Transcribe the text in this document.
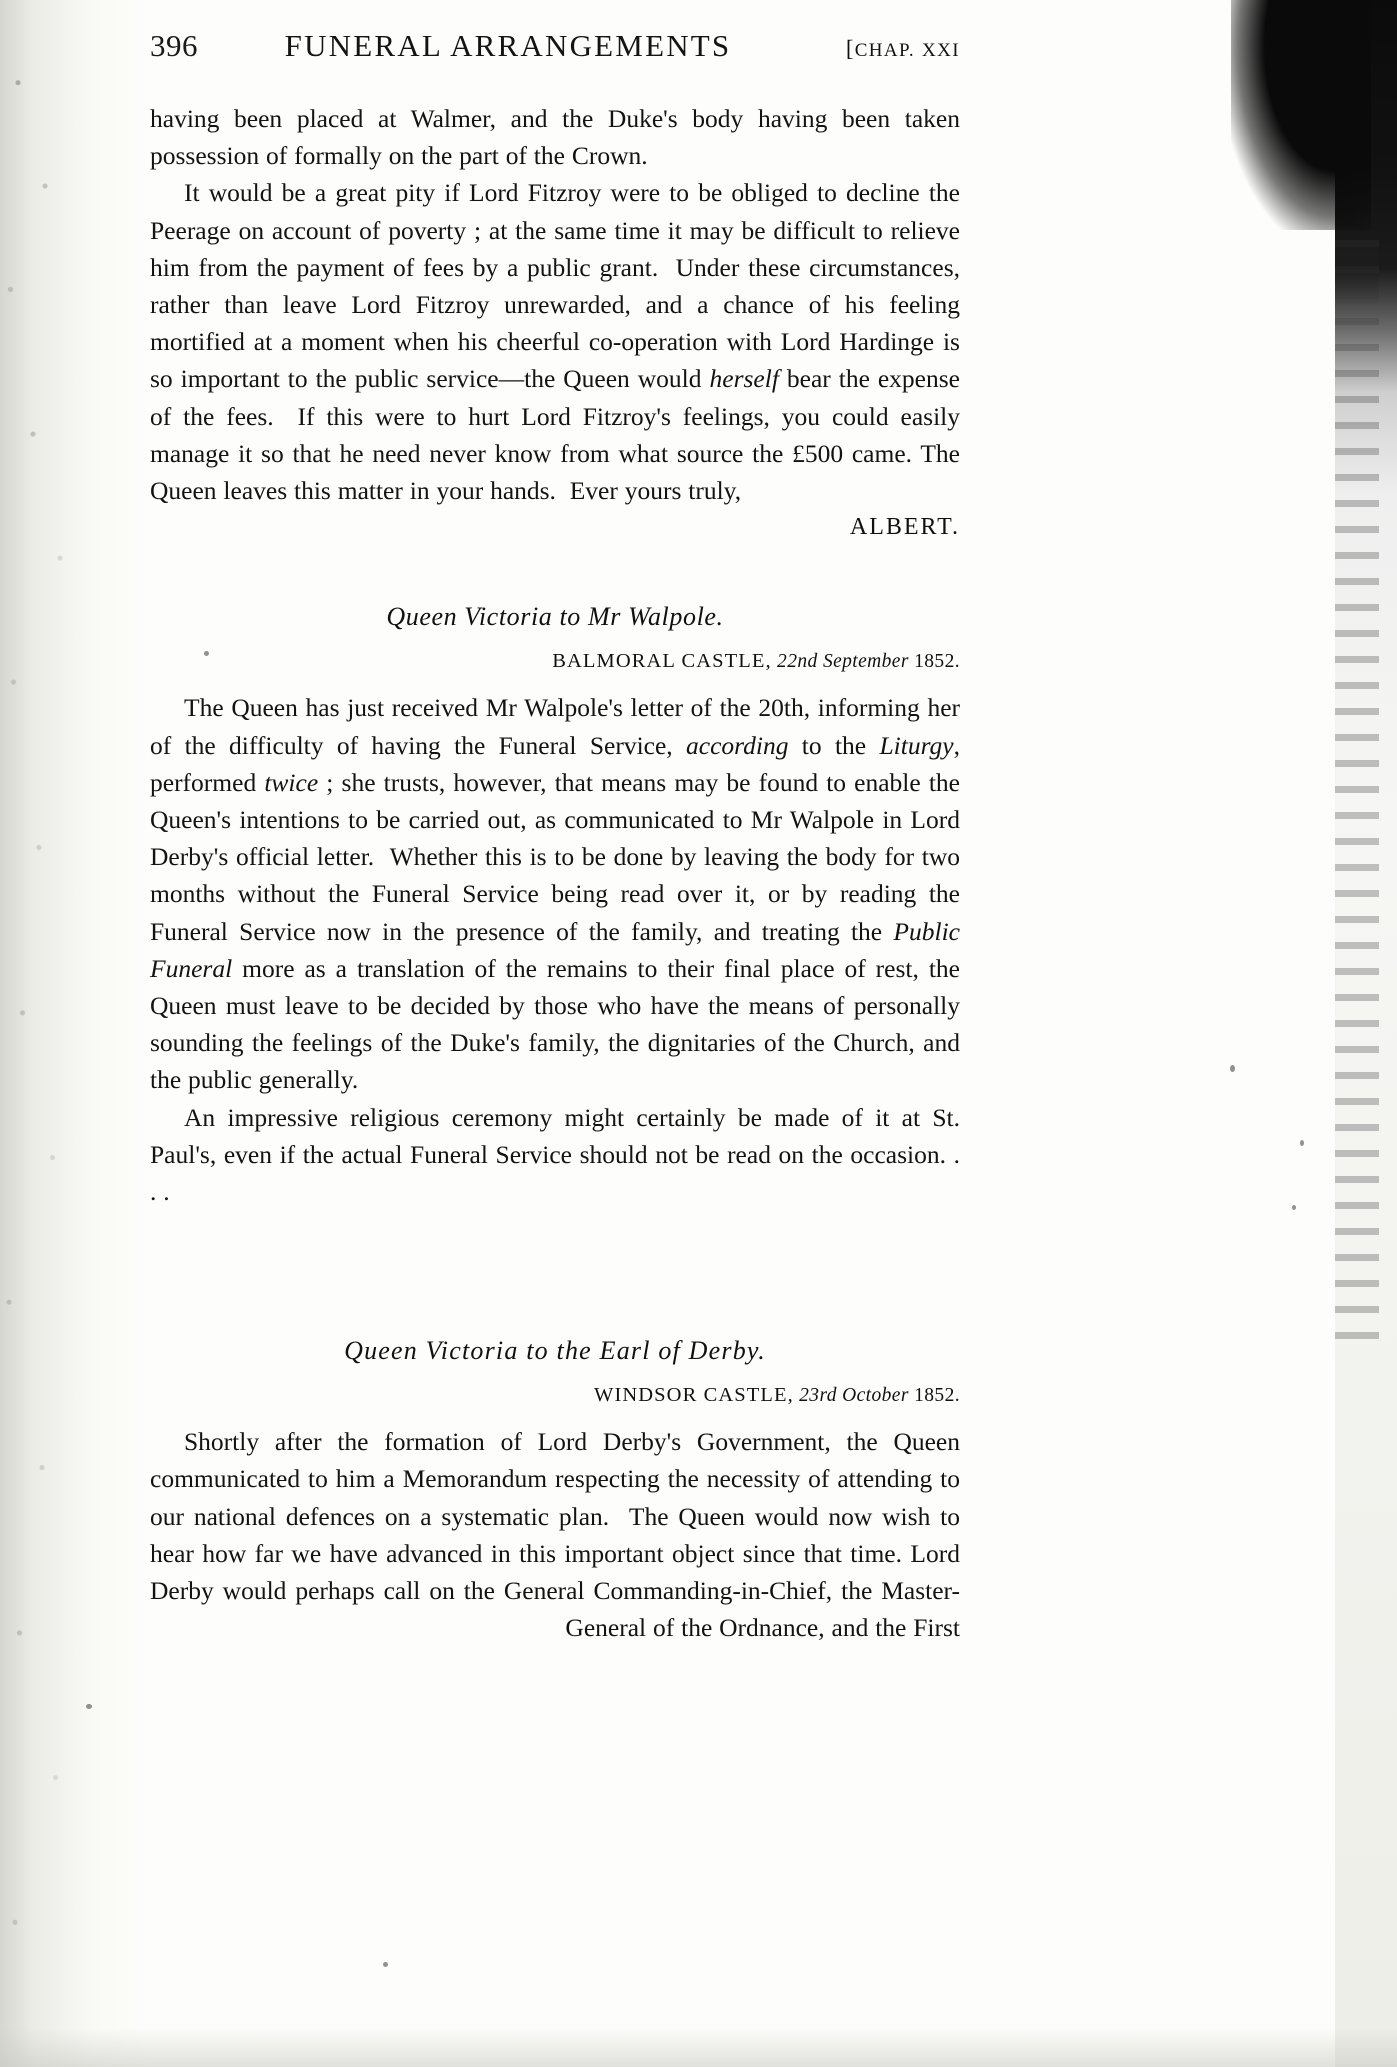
396	FUNERAL ARRANGEMENTS	[CHAP. XXI

having been placed at Walmer, and the Duke's body having been taken possession of formally on the part of the Crown.

It would be a great pity if Lord Fitzroy were to be obliged to decline the Peerage on account of poverty ; at the same time it may be difficult to relieve him from the payment of fees by a public grant. Under these circumstances, rather than leave Lord Fitzroy unrewarded, and a chance of his feeling mortified at a moment when his cheerful co-operation with Lord Hardinge is so important to the public service—the Queen would herself bear the expense of the fees. If this were to hurt Lord Fitzroy's feelings, you could easily manage it so that he need never know from what source the £500 came. The Queen leaves this matter in your hands. Ever yours truly,

ALBERT.
Queen Victoria to Mr Walpole.
BALMORAL CASTLE, 22nd September 1852.

The Queen has just received Mr Walpole's letter of the 20th, informing her of the difficulty of having the Funeral Service, according to the Liturgy, performed twice ; she trusts, however, that means may be found to enable the Queen's intentions to be carried out, as communicated to Mr Walpole in Lord Derby's official letter. Whether this is to be done by leaving the body for two months without the Funeral Service being read over it, or by reading the Funeral Service now in the presence of the family, and treating the Public Funeral more as a translation of the remains to their final place of rest, the Queen must leave to be decided by those who have the means of personally sounding the feelings of the Duke's family, the dignitaries of the Church, and the public generally.

An impressive religious ceremony might certainly be made of it at St. Paul's, even if the actual Funeral Service should not be read on the occasion. . . .

Queen Victoria to the Earl of Derby.
WINDSOR CASTLE, 23rd October 1852.

Shortly after the formation of Lord Derby's Government, the Queen communicated to him a Memorandum respecting the necessity of attending to our national defences on a systematic plan. The Queen would now wish to hear how far we have advanced in this important object since that time. Lord Derby would perhaps call on the General Commanding-in-Chief, the Master-General of the Ordnance, and the First
